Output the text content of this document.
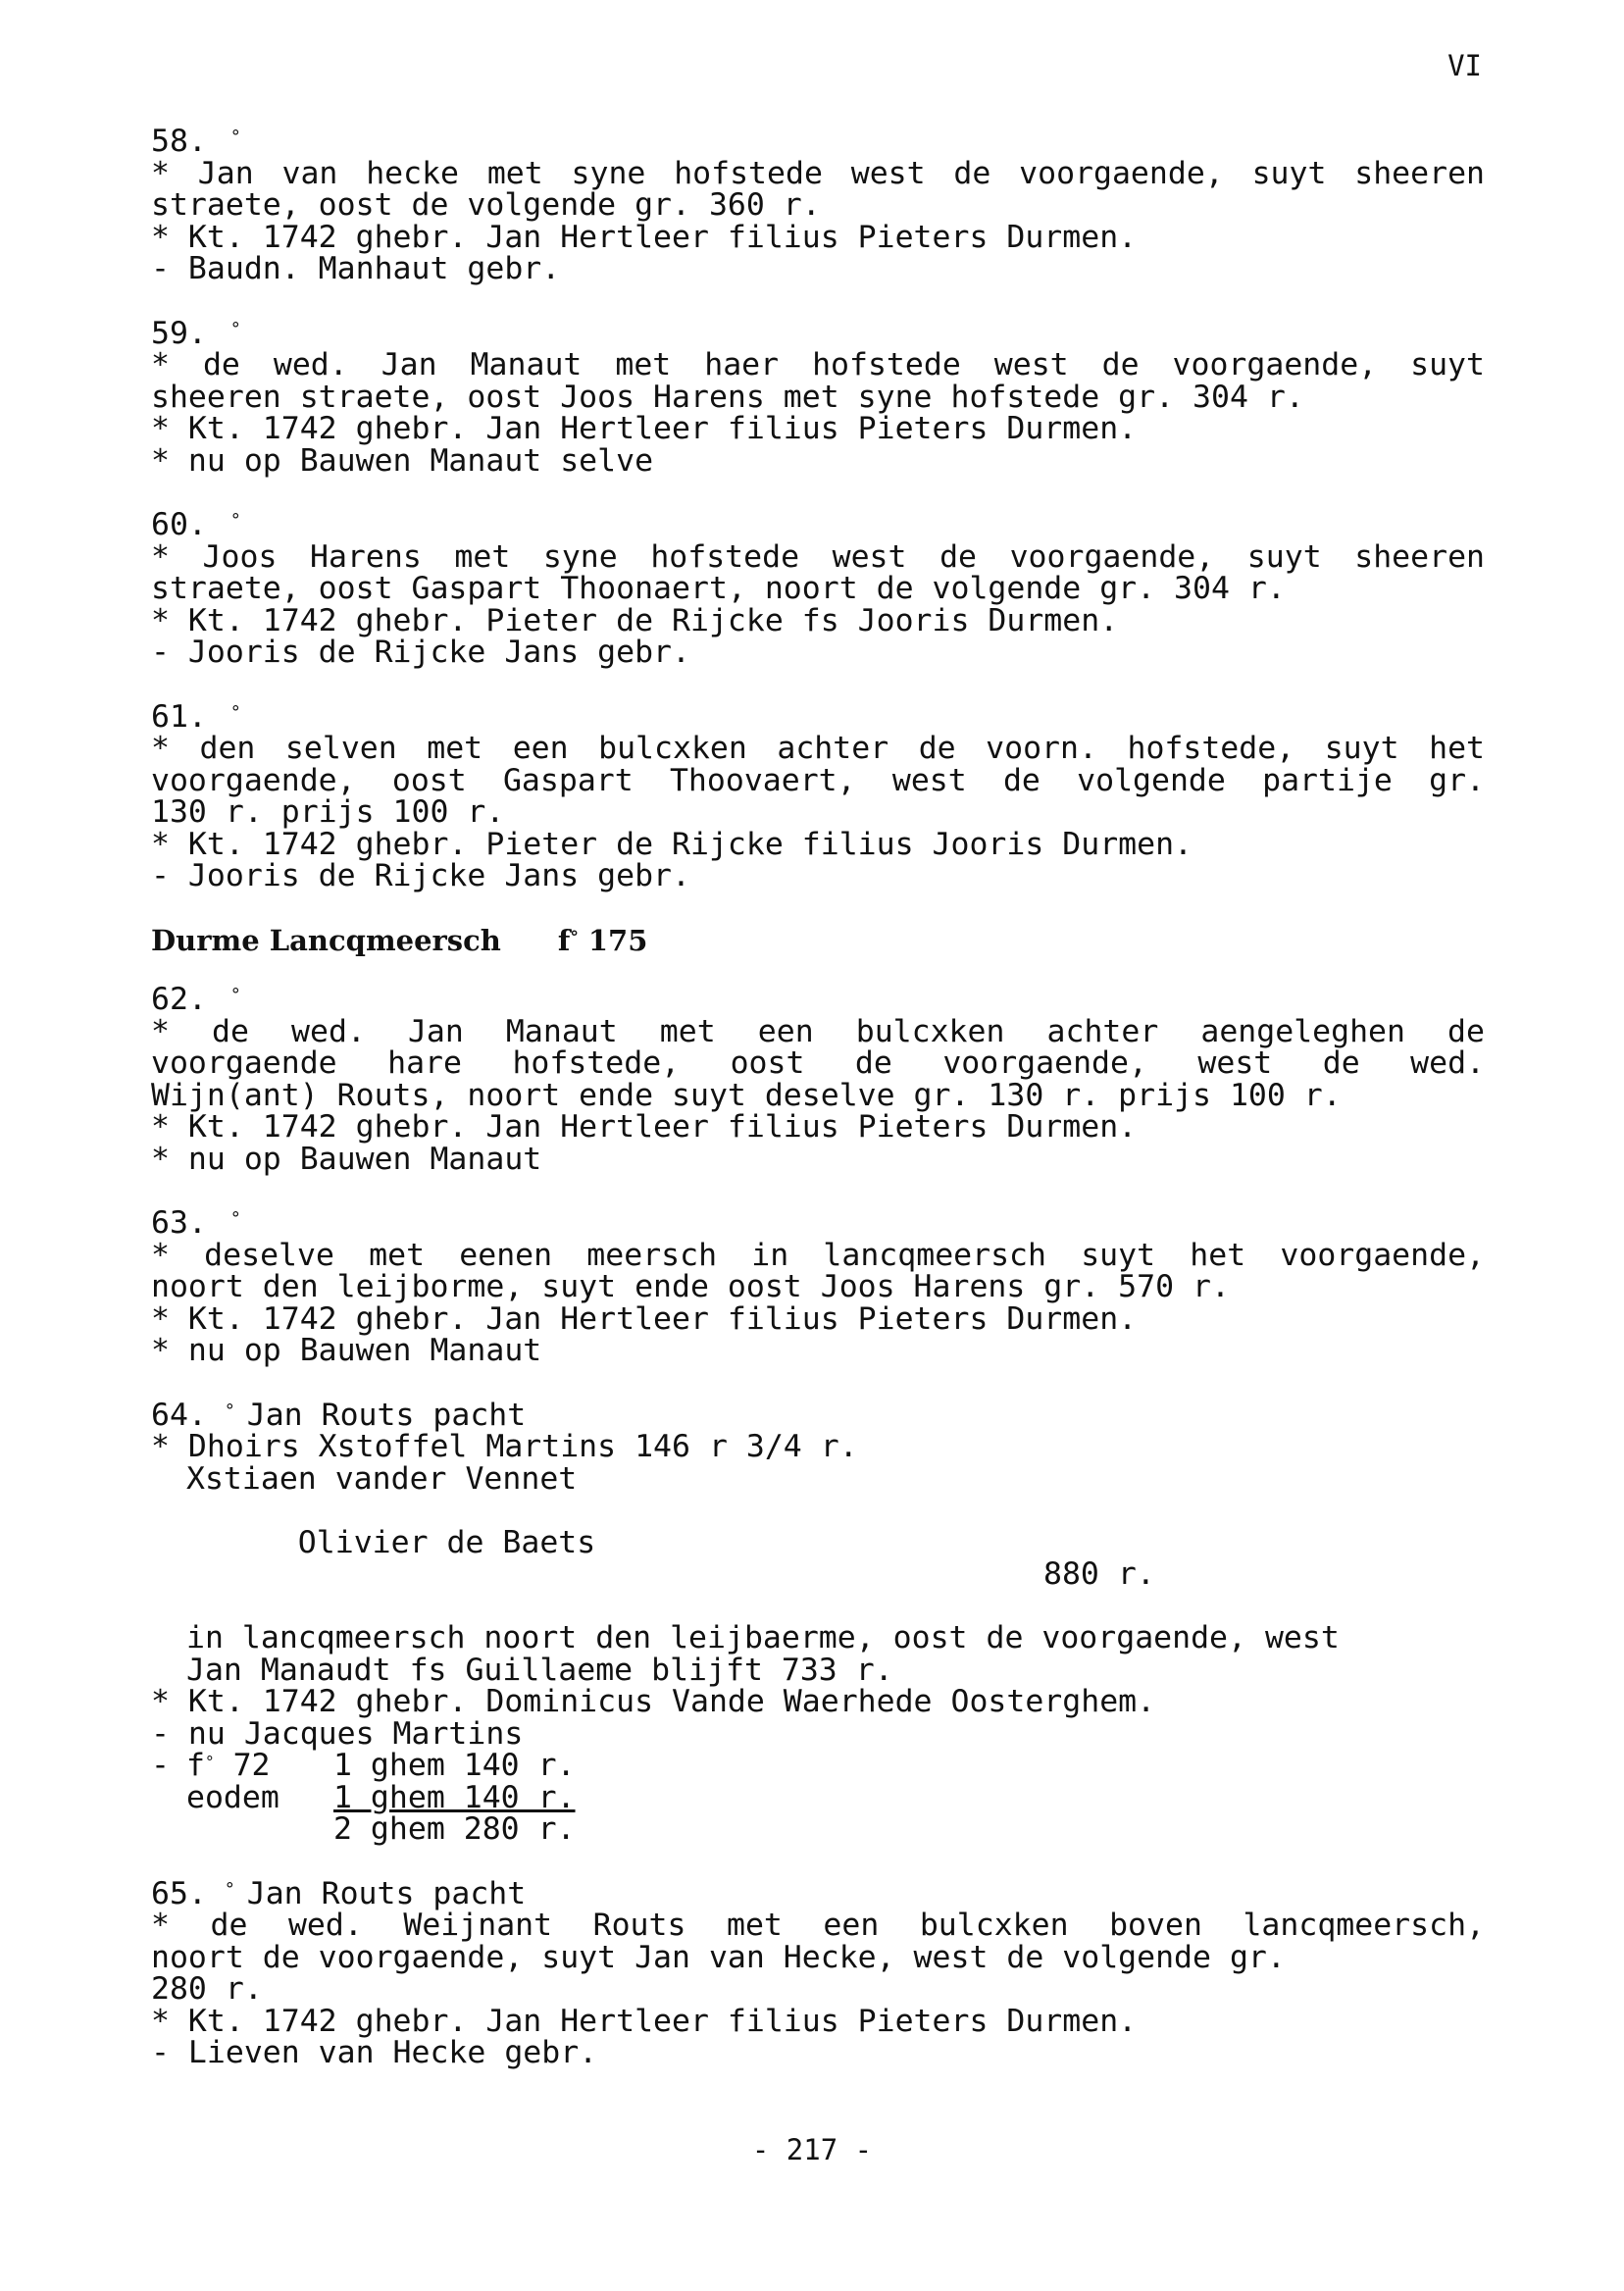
VI
58. °
* Jan van hecke met syne hofstede west de voorgaende, suyt sheeren
straete, oost de volgende gr. 360 r.
* Kt. 1742 ghebr. Jan Hertleer filius Pieters Durmen.
- Baudn. Manhaut gebr.
59. °
* de wed. Jan Manaut met haer hofstede west de voorgaende, suyt
sheeren straete, oost Joos Harens met syne hofstede gr. 304 r.
* Kt. 1742 ghebr. Jan Hertleer filius Pieters Durmen.
* nu op Bauwen Manaut selve
60. °
* Joos Harens met syne hofstede west de voorgaende, suyt sheeren
straete, oost Gaspart Thoonaert, noort de volgende gr. 304 r.
* Kt. 1742 ghebr. Pieter de Rijcke fs Jooris Durmen.
- Jooris de Rijcke Jans gebr.
61. °
* den selven met een bulcxken achter de voorn. hofstede, suyt het
voorgaende, oost Gaspart Thoovaert, west de volgende partije gr.
130 r. prijs 100 r.
* Kt. 1742 ghebr. Pieter de Rijcke filius Jooris Durmen.
- Jooris de Rijcke Jans gebr.
Durme Lancqmeersch f° 175
62. °
* de wed. Jan Manaut met een bulcxken achter aengeleghen de
voorgaende hare hofstede, oost de voorgaende, west de wed.
Wijn(ant) Routs, noort ende suyt deselve gr. 130 r. prijs 100 r.
* Kt. 1742 ghebr. Jan Hertleer filius Pieters Durmen.
* nu op Bauwen Manaut
63. °
* deselve met eenen meersch in lancqmeersch suyt het voorgaende,
noort den leijborme, suyt ende oost Joos Harens gr. 570 r.
* Kt. 1742 ghebr. Jan Hertleer filius Pieters Durmen.
* nu op Bauwen Manaut
64. ° Jan Routs pacht
* Dhoirs Xstoffel Martins 146 r 3/4 r.
Xstiaen vander Vennet

Olivier de Baets

880 r.

in lancqmeersch noort den leijbaerme, oost de voorgaende, west
Jan Manaudt fs Guillaeme blijft 733 r.
* Kt. 1742 ghebr. Dominicus Vande Waerhede Oosterghem.
- nu Jacques Martins
- f° 72	1 ghem 140 r.
eodem	1 ghem 140 r.
2 ghem 280 r.
65. ° Jan Routs pacht
* de wed. Weijnant Routs met een bulcxken boven lancqmeersch,
noort de voorgaende, suyt Jan van Hecke, west de volgende gr.
280 r.
* Kt. 1742 ghebr. Jan Hertleer filius Pieters Durmen.
- Lieven van Hecke gebr.
- 217 -
